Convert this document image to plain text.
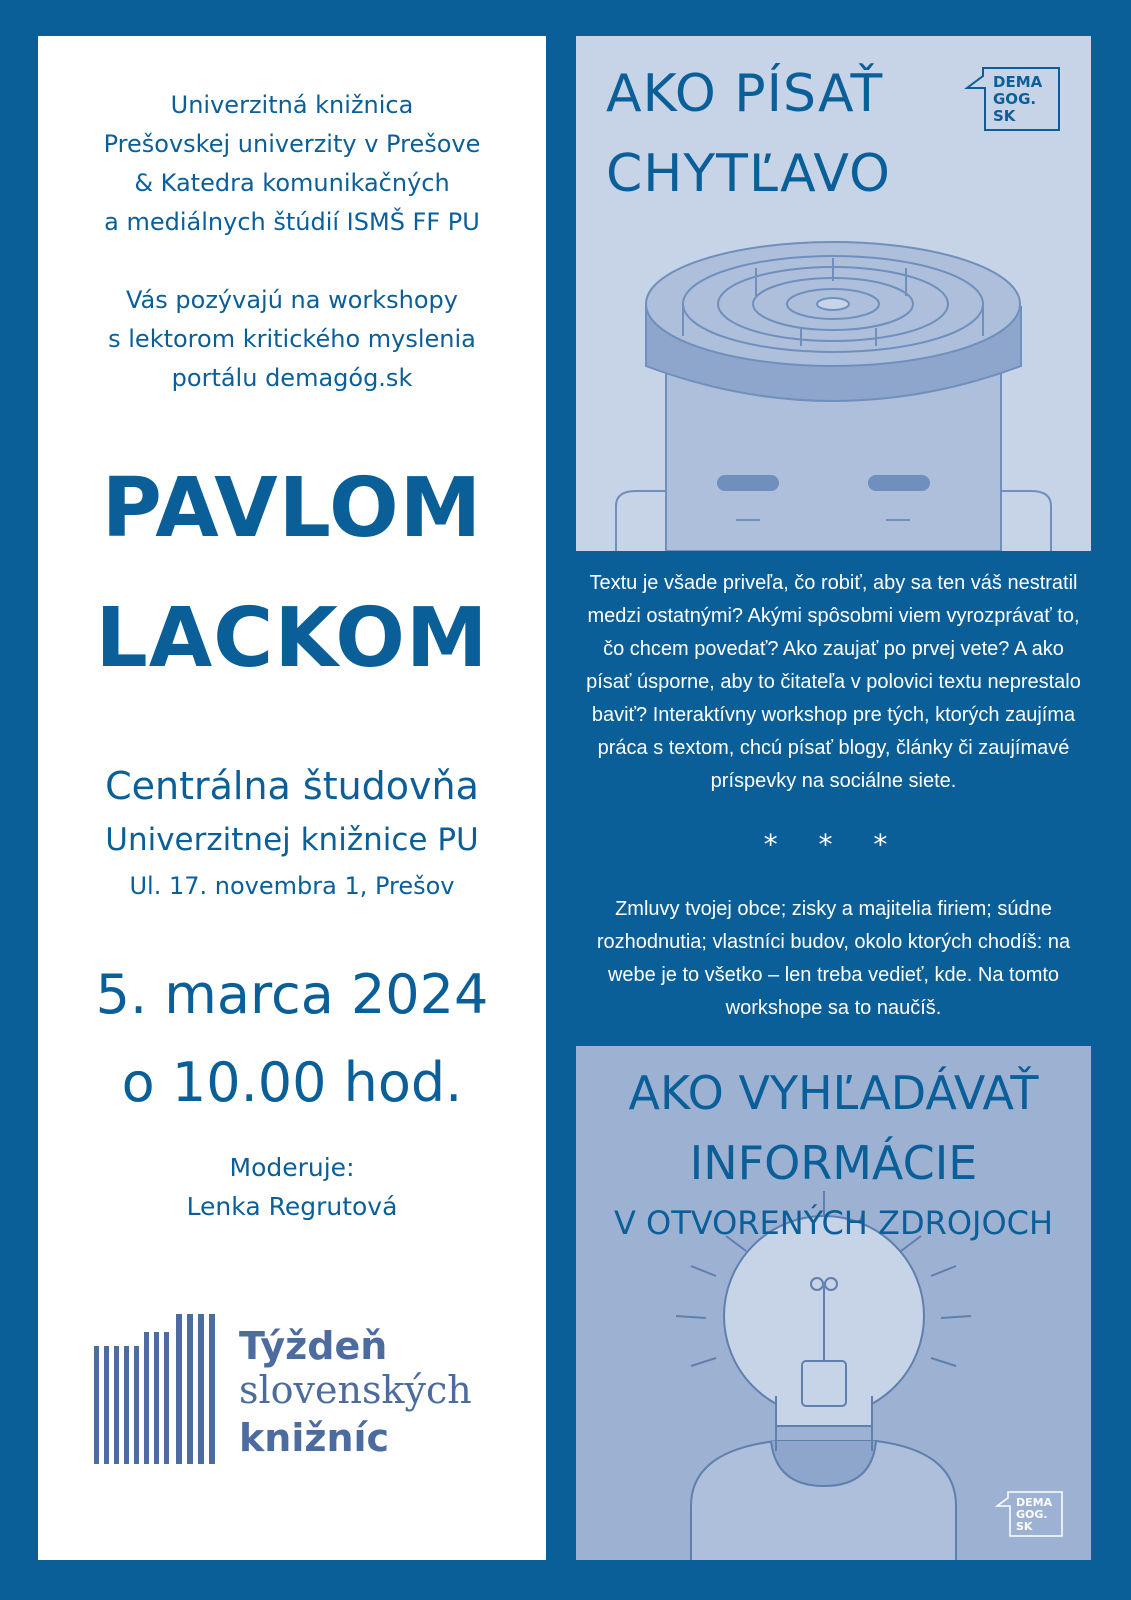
Univerzitná knižnica
Prešovskej univerzity v Prešove
& Katedra komunikačných
a mediálnych štúdií ISMŠ FF PU
Vás pozývajú na workshopy
s lektorom kritického myslenia
portálu demagóg.sk
PAVLOM
LACKOM
Centrálna študovňa
Univerzitnej knižnice PU
Ul. 17. novembra 1, Prešov
5. marca 2024
o 10.00 hod.
Moderuje:
Lenka Regrutová
Týždeň
slovenských
knižníc
AKO PÍSAŤ
CHYTĽAVO
DEMA
GOG.
SK
Textu je všade priveľa, čo robiť, aby sa ten váš nestratil
medzi ostatnými? Akými spôsobmi viem vyrozprávať to,
čo chcem povedať? Ako zaujať po prvej vete? A ako
písať úsporne, aby to čitateľa v polovici textu neprestalo
baviť? Interaktívny workshop pre tých, ktorých zaujíma
práca s textom, chcú písať blogy, články či zaujímavé
príspevky na sociálne siete.
* * *
Zmluvy tvojej obce; zisky a majitelia firiem; súdne
rozhodnutia; vlastníci budov, okolo ktorých chodíš: na
webe je to všetko – len treba vedieť, kde. Na tomto
workshope sa to naučíš.
AKO VYHĽADÁVAŤ
INFORMÁCIE
V OTVORENÝCH ZDROJOCH
DEMA
GOG.
SK
